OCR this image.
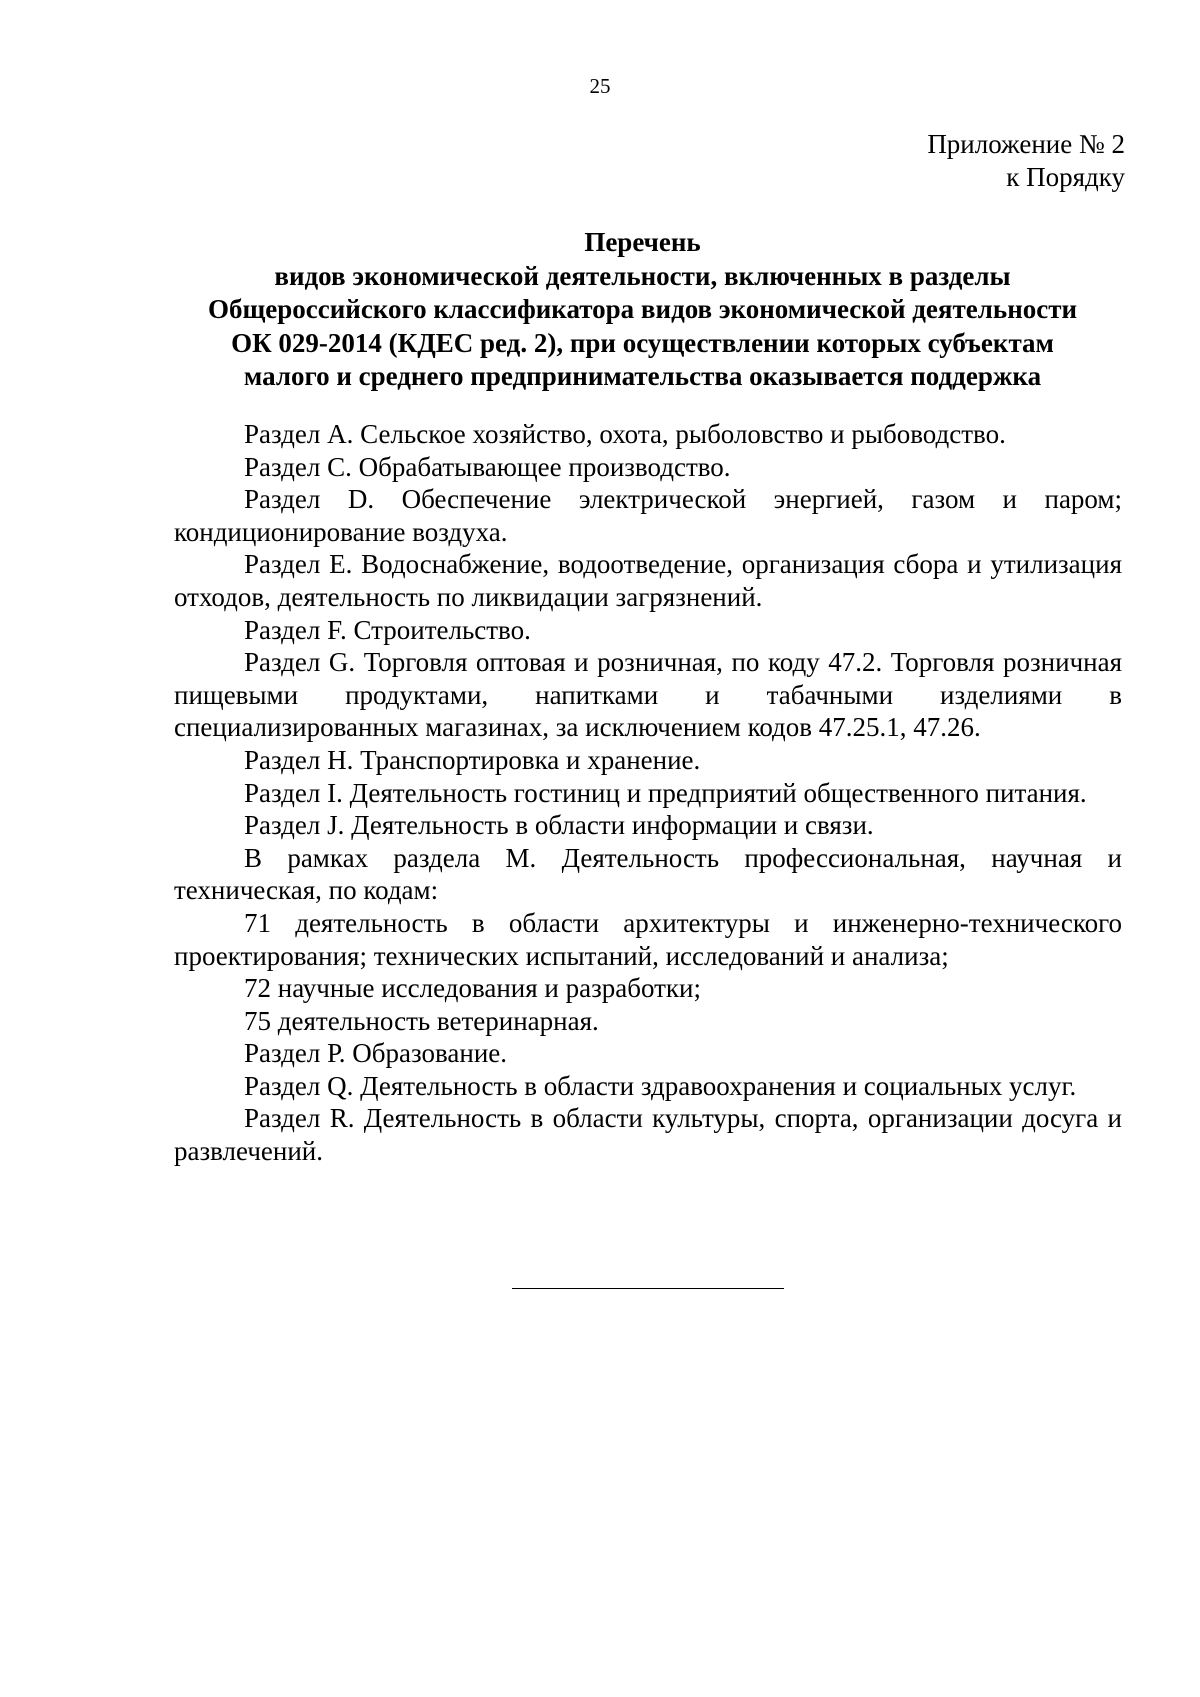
25
Приложение № 2
к Порядку
Перечень
видов экономической деятельности, включенных в разделы
Общероссийского классификатора видов экономической деятельности
ОК 029-2014 (КДЕС ред. 2), при осуществлении которых субъектам
малого и среднего предпринимательства оказывается поддержка

Раздел А. Сельское хозяйство, охота, рыболовство и рыбоводство.

Раздел С. Обрабатывающее производство.

Раздел D. Обеспечение электрической энергией, газом и паром; кондиционирование воздуха.

Раздел Е. Водоснабжение, водоотведение, организация сбора и утилизация отходов, деятельность по ликвидации загрязнений.

Раздел F. Строительство.

Раздел G. Торговля оптовая и розничная, по коду 47.2. Торговля розничная пищевыми продуктами, напитками и табачными изделиями в специализированных магазинах, за исключением кодов 47.25.1, 47.26.

Раздел Н. Транспортировка и хранение.

Раздел I. Деятельность гостиниц и предприятий общественного питания.

Раздел J. Деятельность в области информации и связи.

В рамках раздела М. Деятельность профессиональная, научная и техническая, по кодам:

71 деятельность в области архитектуры и инженерно-технического проектирования; технических испытаний, исследований и анализа;

72 научные исследования и разработки;

75 деятельность ветеринарная.

Раздел Р. Образование.

Раздел Q. Деятельность в области здравоохранения и социальных услуг.

Раздел R. Деятельность в области культуры, спорта, организации досуга и развлечений.
